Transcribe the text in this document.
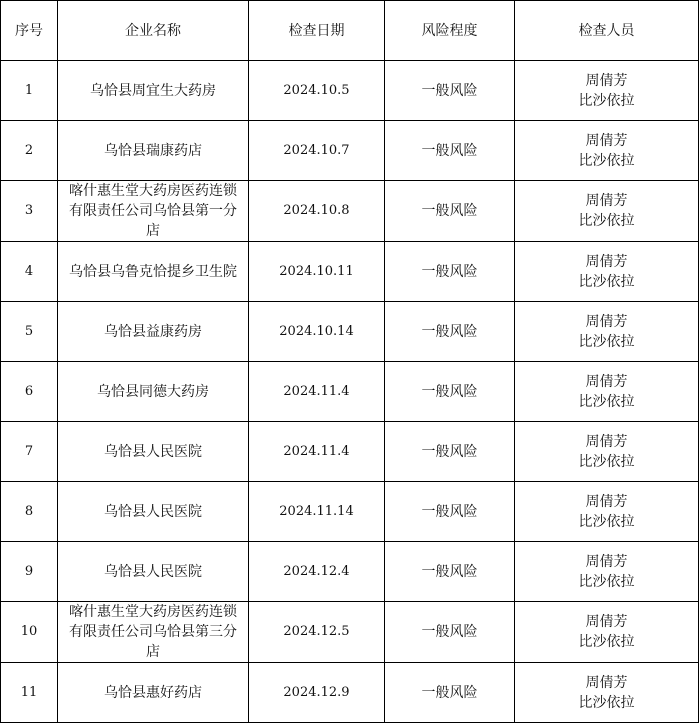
序号	企业名称	检查日期	风险程度	检查人员
1	乌恰县周宜生大药房	2024.10.5	一般风险	周倩芳
比沙依拉

2	乌恰县瑞康药店	2024.10.7	一般风险	周倩芳
比沙依拉

3	喀什惠生堂大药房医药连锁有限责任公司乌恰县第一分店	2024.10.8	一般风险	周倩芳
比沙依拉

4	乌恰县乌鲁克恰提乡卫生院	2024.10.11	一般风险	周倩芳
比沙依拉

5	乌恰县益康药房	2024.10.14	一般风险	周倩芳
比沙依拉

6	乌恰县同德大药房	2024.11.4	一般风险	周倩芳
比沙依拉

7	乌恰县人民医院	2024.11.4	一般风险	周倩芳
比沙依拉

8	乌恰县人民医院	2024.11.14	一般风险	周倩芳
比沙依拉

9	乌恰县人民医院	2024.12.4	一般风险	周倩芳
比沙依拉

10	喀什惠生堂大药房医药连锁有限责任公司乌恰县第三分店	2024.12.5	一般风险	周倩芳
比沙依拉

11	乌恰县惠好药店	2024.12.9	一般风险	周倩芳
比沙依拉
